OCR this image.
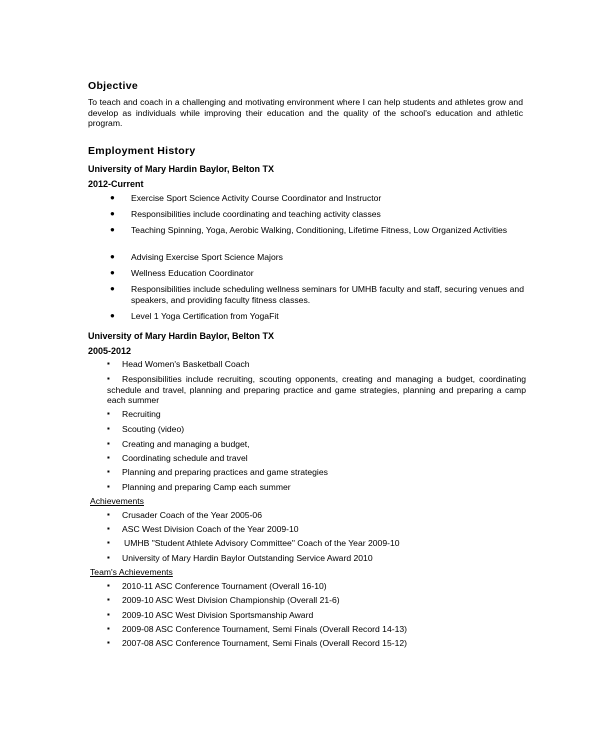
Objective
To teach and coach in a challenging and motivating environment where I can help students and athletes grow and develop as individuals while improving their education and the quality of the school's education and athletic program.
Employment History
University of Mary Hardin Baylor, Belton TX
2012-Current
● Exercise Sport Science Activity Course Coordinator and Instructor
● Responsibilities include coordinating and teaching activity classes
● Teaching Spinning, Yoga, Aerobic Walking, Conditioning, Lifetime Fitness, Low Organized Activities
● Advising Exercise Sport Science Majors
● Wellness Education Coordinator
● Responsibilities include scheduling wellness seminars for UMHB faculty and staff, securing venues and speakers, and providing faculty fitness classes.
● Level 1 Yoga Certification from YogaFit
University of Mary Hardin Baylor, Belton TX
2005-2012
▪ Head Women's Basketball Coach
▪ Responsibilities include recruiting, scouting opponents, creating and managing a budget, coordinating schedule and travel, planning and preparing practice and game strategies, planning and preparing a camp each summer
▪ Recruiting
▪ Scouting (video)
▪ Creating and managing a budget,
▪ Coordinating schedule and travel
▪ Planning and preparing practices and game strategies
▪ Planning and preparing Camp each summer
Achievements
▪ Crusader Coach of the Year 2005-06
▪ ASC West Division Coach of the Year 2009-10
▪ UMHB "Student Athlete Advisory Committee" Coach of the Year 2009-10
▪ University of Mary Hardin Baylor Outstanding Service Award 2010
Team's Achievements
▪ 2010-11 ASC Conference Tournament (Overall 16-10)
▪ 2009-10 ASC West Division Championship (Overall 21-6)
▪ 2009-10 ASC West Division Sportsmanship Award
▪ 2009-08 ASC Conference Tournament, Semi Finals (Overall Record 14-13)
▪ 2007-08 ASC Conference Tournament, Semi Finals (Overall Record 15-12)
